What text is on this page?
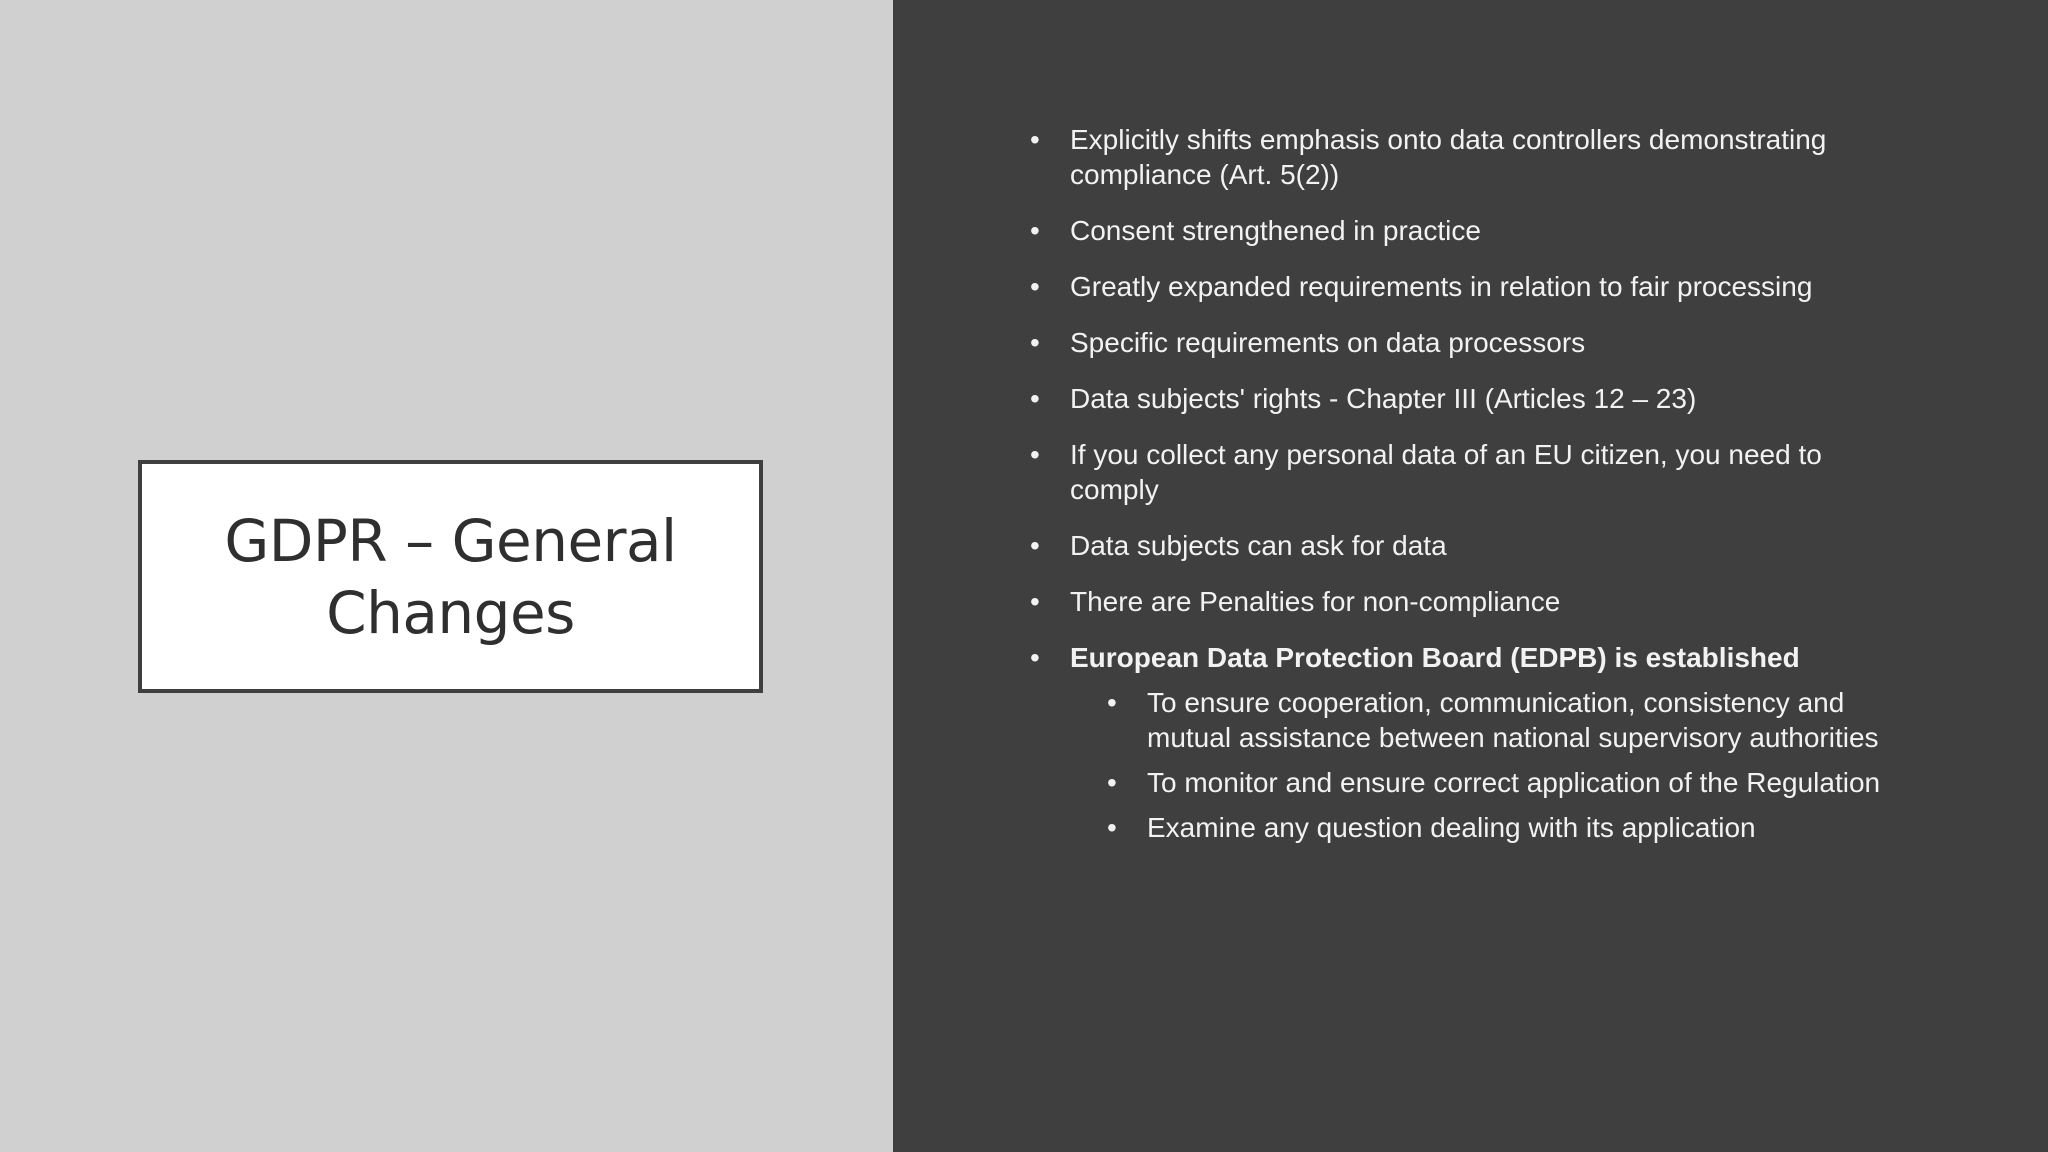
GDPR – General Changes
• Explicitly shifts emphasis onto data controllers demonstrating compliance (Art. 5(2))
• Consent strengthened in practice
• Greatly expanded requirements in relation to fair processing
• Specific requirements on data processors
• Data subjects' rights - Chapter III (Articles 12 – 23)
• If you collect any personal data of an EU citizen, you need to comply
• Data subjects can ask for data
• There are Penalties for non-compliance
• European Data Protection Board (EDPB) is established
• To ensure cooperation, communication, consistency and mutual assistance between national supervisory authorities
• To monitor and ensure correct application of the Regulation
• Examine any question dealing with its application
